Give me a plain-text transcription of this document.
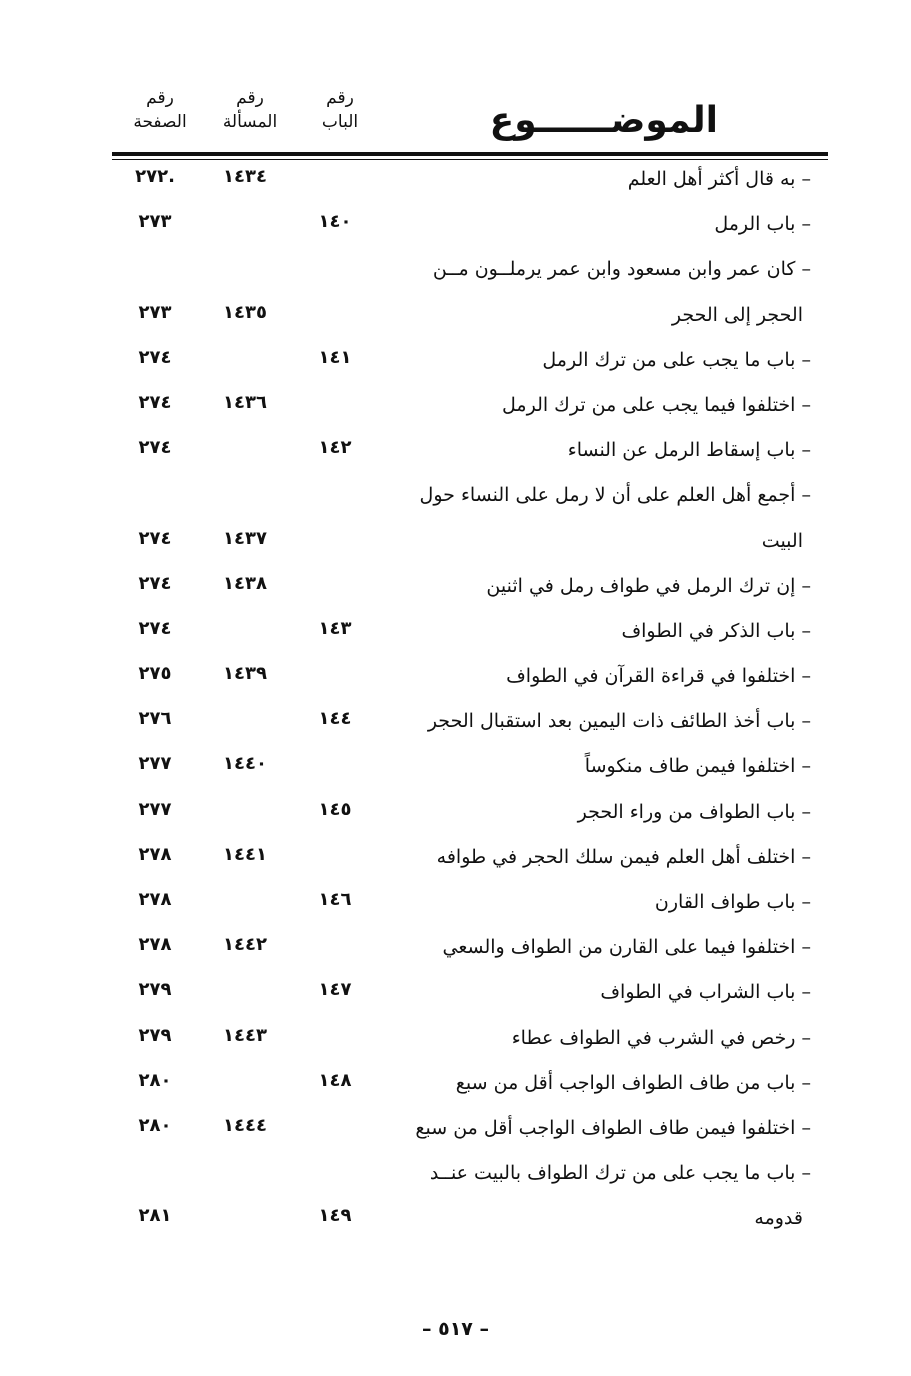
الموضــــــوع
رقم
الباب
رقم
المسألة
رقم
الصفحة
– به قال أكثر أهل العلم
١٤٣٤
.٢٧٢
– باب الرمل
١٤٠
٢٧٣
– كان عمر وابن مسعود وابن عمر يرملــون مــن
الحجر إلى الحجر
١٤٣٥
٢٧٣
– باب ما يجب على من ترك الرمل
١٤١
٢٧٤
– اختلفوا فيما يجب على من ترك الرمل
١٤٣٦
٢٧٤
– باب إسقاط الرمل عن النساء
١٤٢
٢٧٤
– أجمع أهل العلم على أن لا رمل على النساء حول
البيت
١٤٣٧
٢٧٤
– إن ترك الرمل في طواف رمل في اثنين
١٤٣٨
٢٧٤
– باب الذكر في الطواف
١٤٣
٢٧٤
– اختلفوا في قراءة القرآن في الطواف
١٤٣٩
٢٧٥
– باب أخذ الطائف ذات اليمين بعد استقبال الحجر
١٤٤
٢٧٦
– اختلفوا فيمن طاف منكوساً
١٤٤٠
٢٧٧
– باب الطواف من وراء الحجر
١٤٥
٢٧٧
– اختلف أهل العلم فيمن سلك الحجر في طوافه
١٤٤١
٢٧٨
– باب طواف القارن
١٤٦
٢٧٨
– اختلفوا فيما على القارن من الطواف والسعي
١٤٤٢
٢٧٨
– باب الشراب في الطواف
١٤٧
٢٧٩
– رخص في الشرب في الطواف عطاء
١٤٤٣
٢٧٩
– باب من طاف الطواف الواجب أقل من سبع
١٤٨
٢٨٠
– اختلفوا فيمن طاف الطواف الواجب أقل من سبع
١٤٤٤
٢٨٠
– باب ما يجب على من ترك الطواف بالبيت عنــد
قدومه
١٤٩
٢٨١
– ٥١٧ –
